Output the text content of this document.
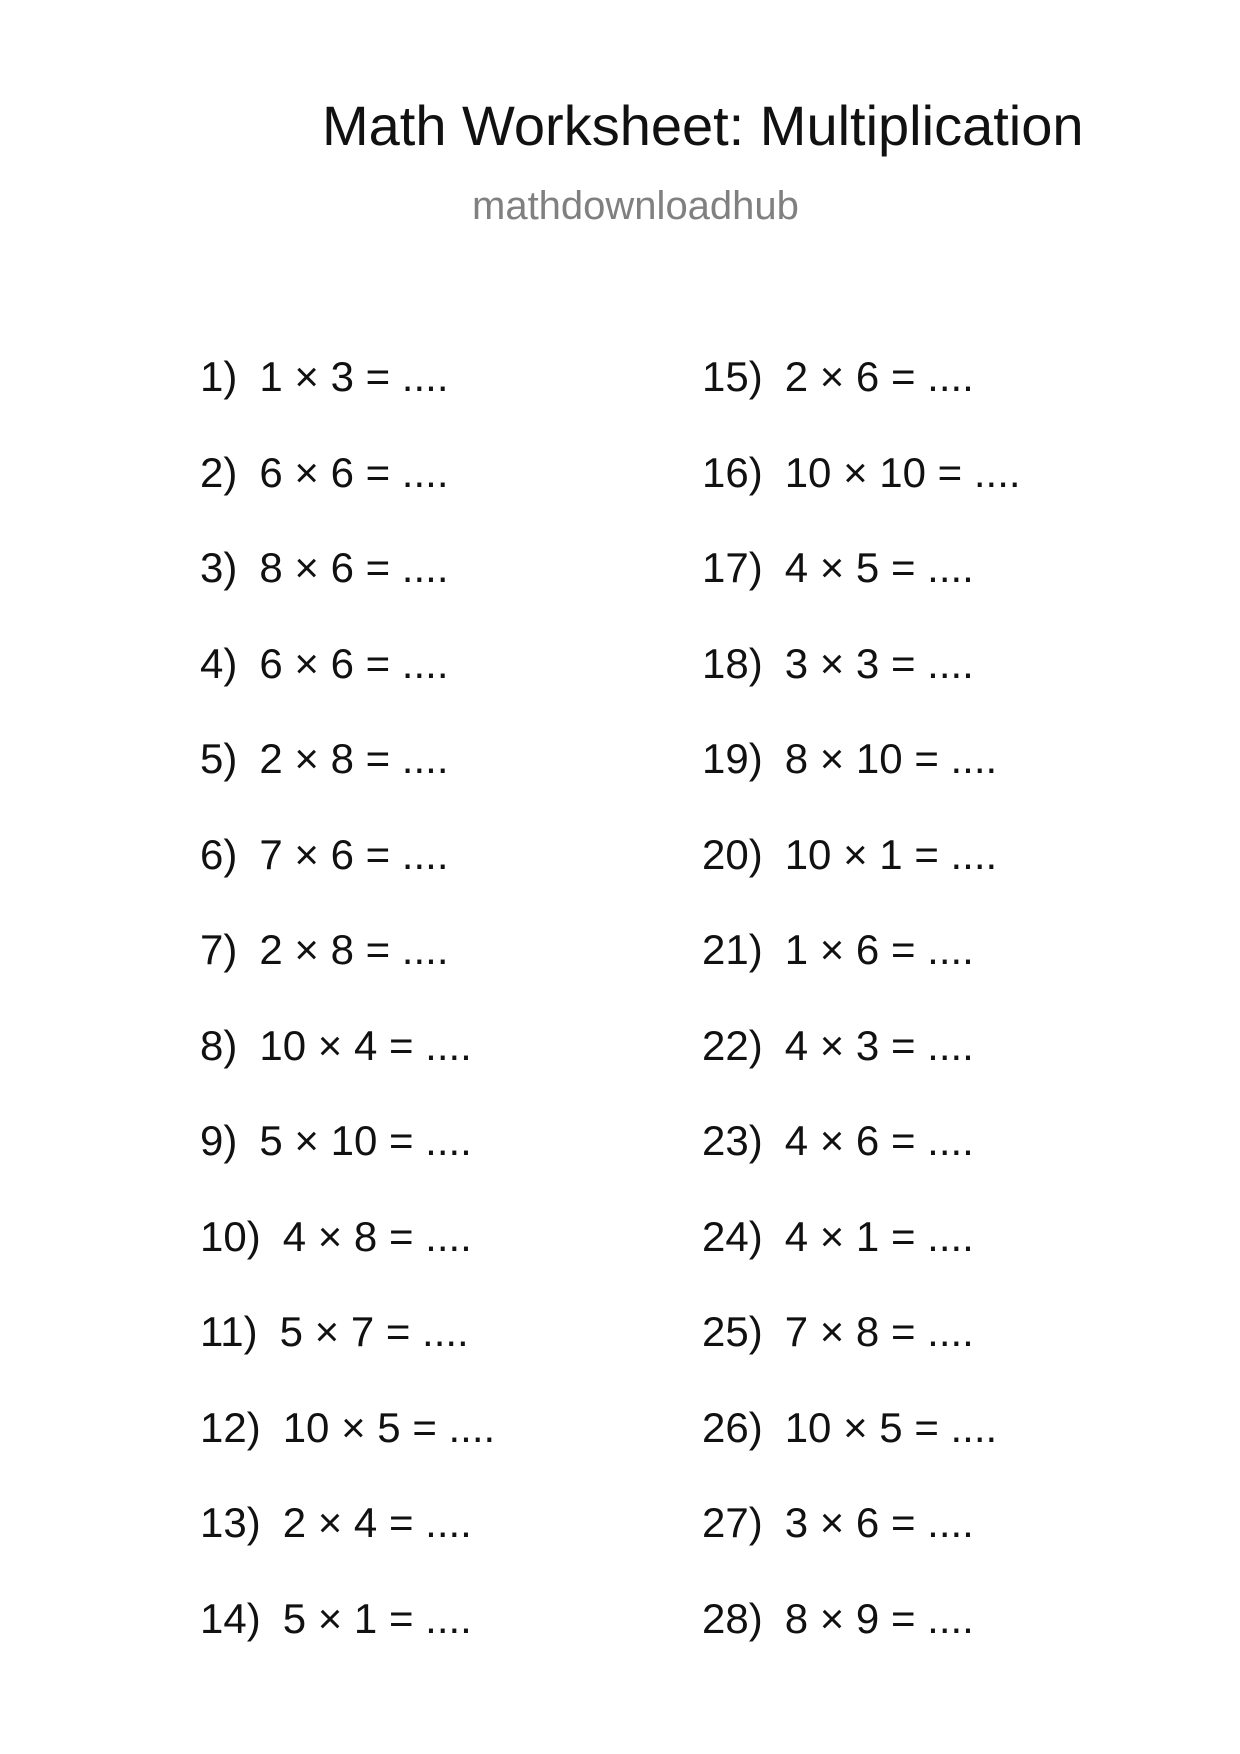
Math Worksheet: Multiplication
mathdownloadhub
1) 1 × 3 = ....
2) 6 × 6 = ....
3) 8 × 6 = ....
4) 6 × 6 = ....
5) 2 × 8 = ....
6) 7 × 6 = ....
7) 2 × 8 = ....
8) 10 × 4 = ....
9) 5 × 10 = ....
10) 4 × 8 = ....
11) 5 × 7 = ....
12) 10 × 5 = ....
13) 2 × 4 = ....
14) 5 × 1 = ....
15) 2 × 6 = ....
16) 10 × 10 = ....
17) 4 × 5 = ....
18) 3 × 3 = ....
19) 8 × 10 = ....
20) 10 × 1 = ....
21) 1 × 6 = ....
22) 4 × 3 = ....
23) 4 × 6 = ....
24) 4 × 1 = ....
25) 7 × 8 = ....
26) 10 × 5 = ....
27) 3 × 6 = ....
28) 8 × 9 = ....
